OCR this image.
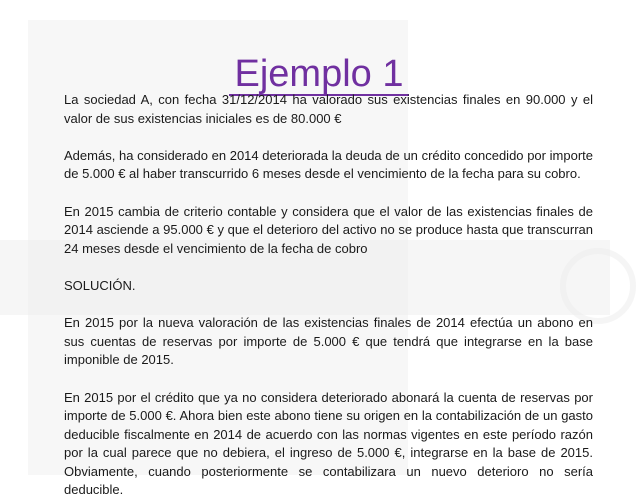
Ejemplo 1

La sociedad A, con fecha 31/12/2014 ha valorado sus existencias finales en 90.000 y el valor de sus existencias iniciales es de 80.000 €

Además, ha considerado en 2014 deteriorada la deuda de un crédito concedido por importe de 5.000 € al haber transcurrido 6 meses desde el vencimiento de la fecha para su cobro.

En 2015 cambia de criterio contable y considera que el valor de las existencias finales de 2014 asciende a 95.000 € y que el deterioro del activo no se produce hasta que transcurran 24 meses desde el vencimiento de la fecha de cobro

SOLUCIÓN.

En 2015 por la nueva valoración de las existencias finales de 2014 efectúa un abono en sus cuentas de reservas por importe de 5.000 € que tendrá que integrarse en la base imponible de 2015.

En 2015 por el crédito que ya no considera deteriorado abonará la cuenta de reservas por importe de 5.000 €. Ahora bien este abono tiene su origen en la contabilización de un gasto deducible fiscalmente en 2014 de acuerdo con las normas vigentes en este período razón por la cual parece que no debiera, el ingreso de 5.000 €, integrarse en la base de 2015. Obviamente, cuando posteriormente se contabilizara un nuevo deterioro no sería deducible.
